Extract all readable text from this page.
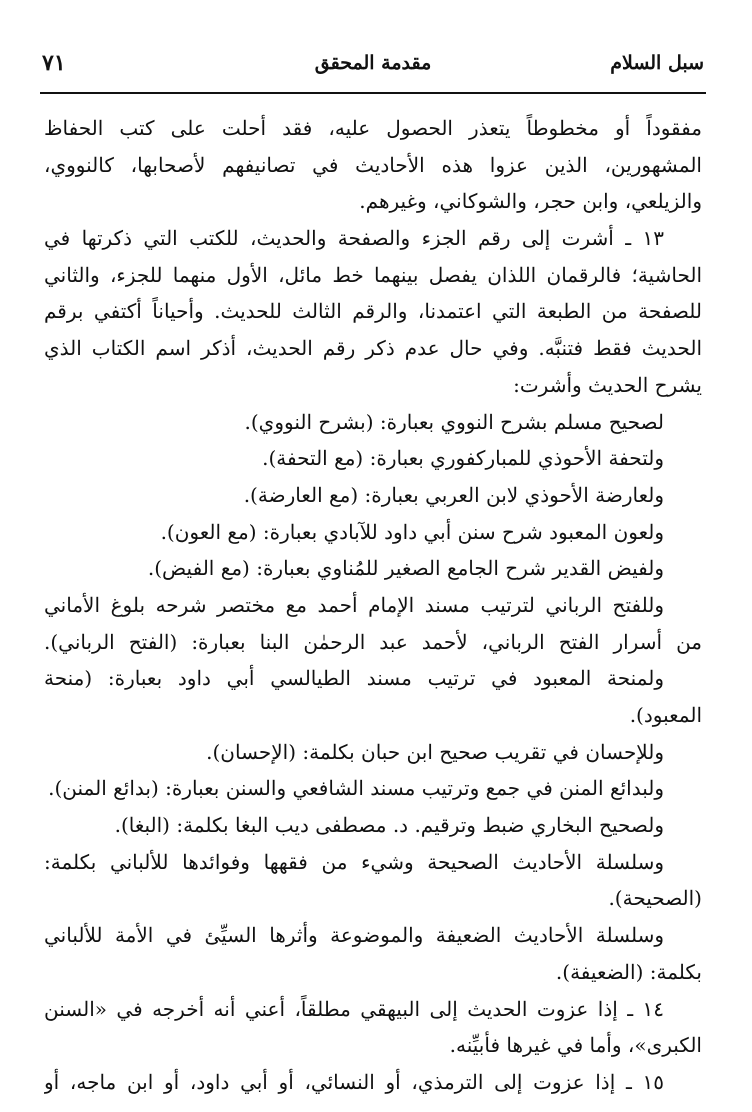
٧١	مقدمة المحقق	سبل السلام
مفقوداً أو مخطوطاً يتعذر الحصول عليه، فقد أحلت على كتب الحفاظ
المشهورين، الذين عزوا هذه الأحاديث في تصانيفهم لأصحابها، كالنووي،
والزيلعي، وابن حجر، والشوكاني، وغيرهم.
١٣ ـ أشرت إلى رقم الجزء والصفحة والحديث، للكتب التي ذكرتها في
الحاشية؛ فالرقمان اللذان يفصل بينهما خط مائل، الأول منهما للجزء، والثاني
للصفحة من الطبعة التي اعتمدنا، والرقم الثالث للحديث. وأحياناً أكتفي برقم
الحديث فقط فتنبَّه. وفي حال عدم ذكر رقم الحديث، أذكر اسم الكتاب الذي
يشرح الحديث وأشرت:
لصحيح مسلم بشرح النووي بعبارة: (بشرح النووي).
ولتحفة الأحوذي للمباركفوري بعبارة: (مع التحفة).
ولعارضة الأحوذي لابن العربي بعبارة: (مع العارضة).
ولعون المعبود شرح سنن أبي داود للآبادي بعبارة: (مع العون).
ولفيض القدير شرح الجامع الصغير للمُناوي بعبارة: (مع الفيض).
وللفتح الرباني لترتيب مسند الإمام أحمد مع مختصر شرحه بلوغ الأماني
من أسرار الفتح الرباني، لأحمد عبد الرحمٰن البنا بعبارة: (الفتح الرباني).
ولمنحة المعبود في ترتيب مسند الطيالسي أبي داود بعبارة: (منحة
المعبود).
وللإحسان في تقريب صحيح ابن حبان بكلمة: (الإحسان).
ولبدائع المنن في جمع وترتيب مسند الشافعي والسنن بعبارة: (بدائع المنن).
ولصحيح البخاري ضبط وترقيم. د. مصطفى ديب البغا بكلمة: (البغا).
وسلسلة الأحاديث الصحيحة وشيء من فقهها وفوائدها للألباني بكلمة:
(الصحيحة).
وسلسلة الأحاديث الضعيفة والموضوعة وأثرها السيِّئ في الأمة للألباني
بكلمة: (الضعيفة).
١٤ ـ إذا عزوت الحديث إلى البيهقي مطلقاً، أعني أنه أخرجه في «السنن
الكبرى»، وأما في غيرها فأبيِّنه.
١٥ ـ إذا عزوت إلى الترمذي، أو النسائي، أو أبي داود، أو ابن ماجه، أو
